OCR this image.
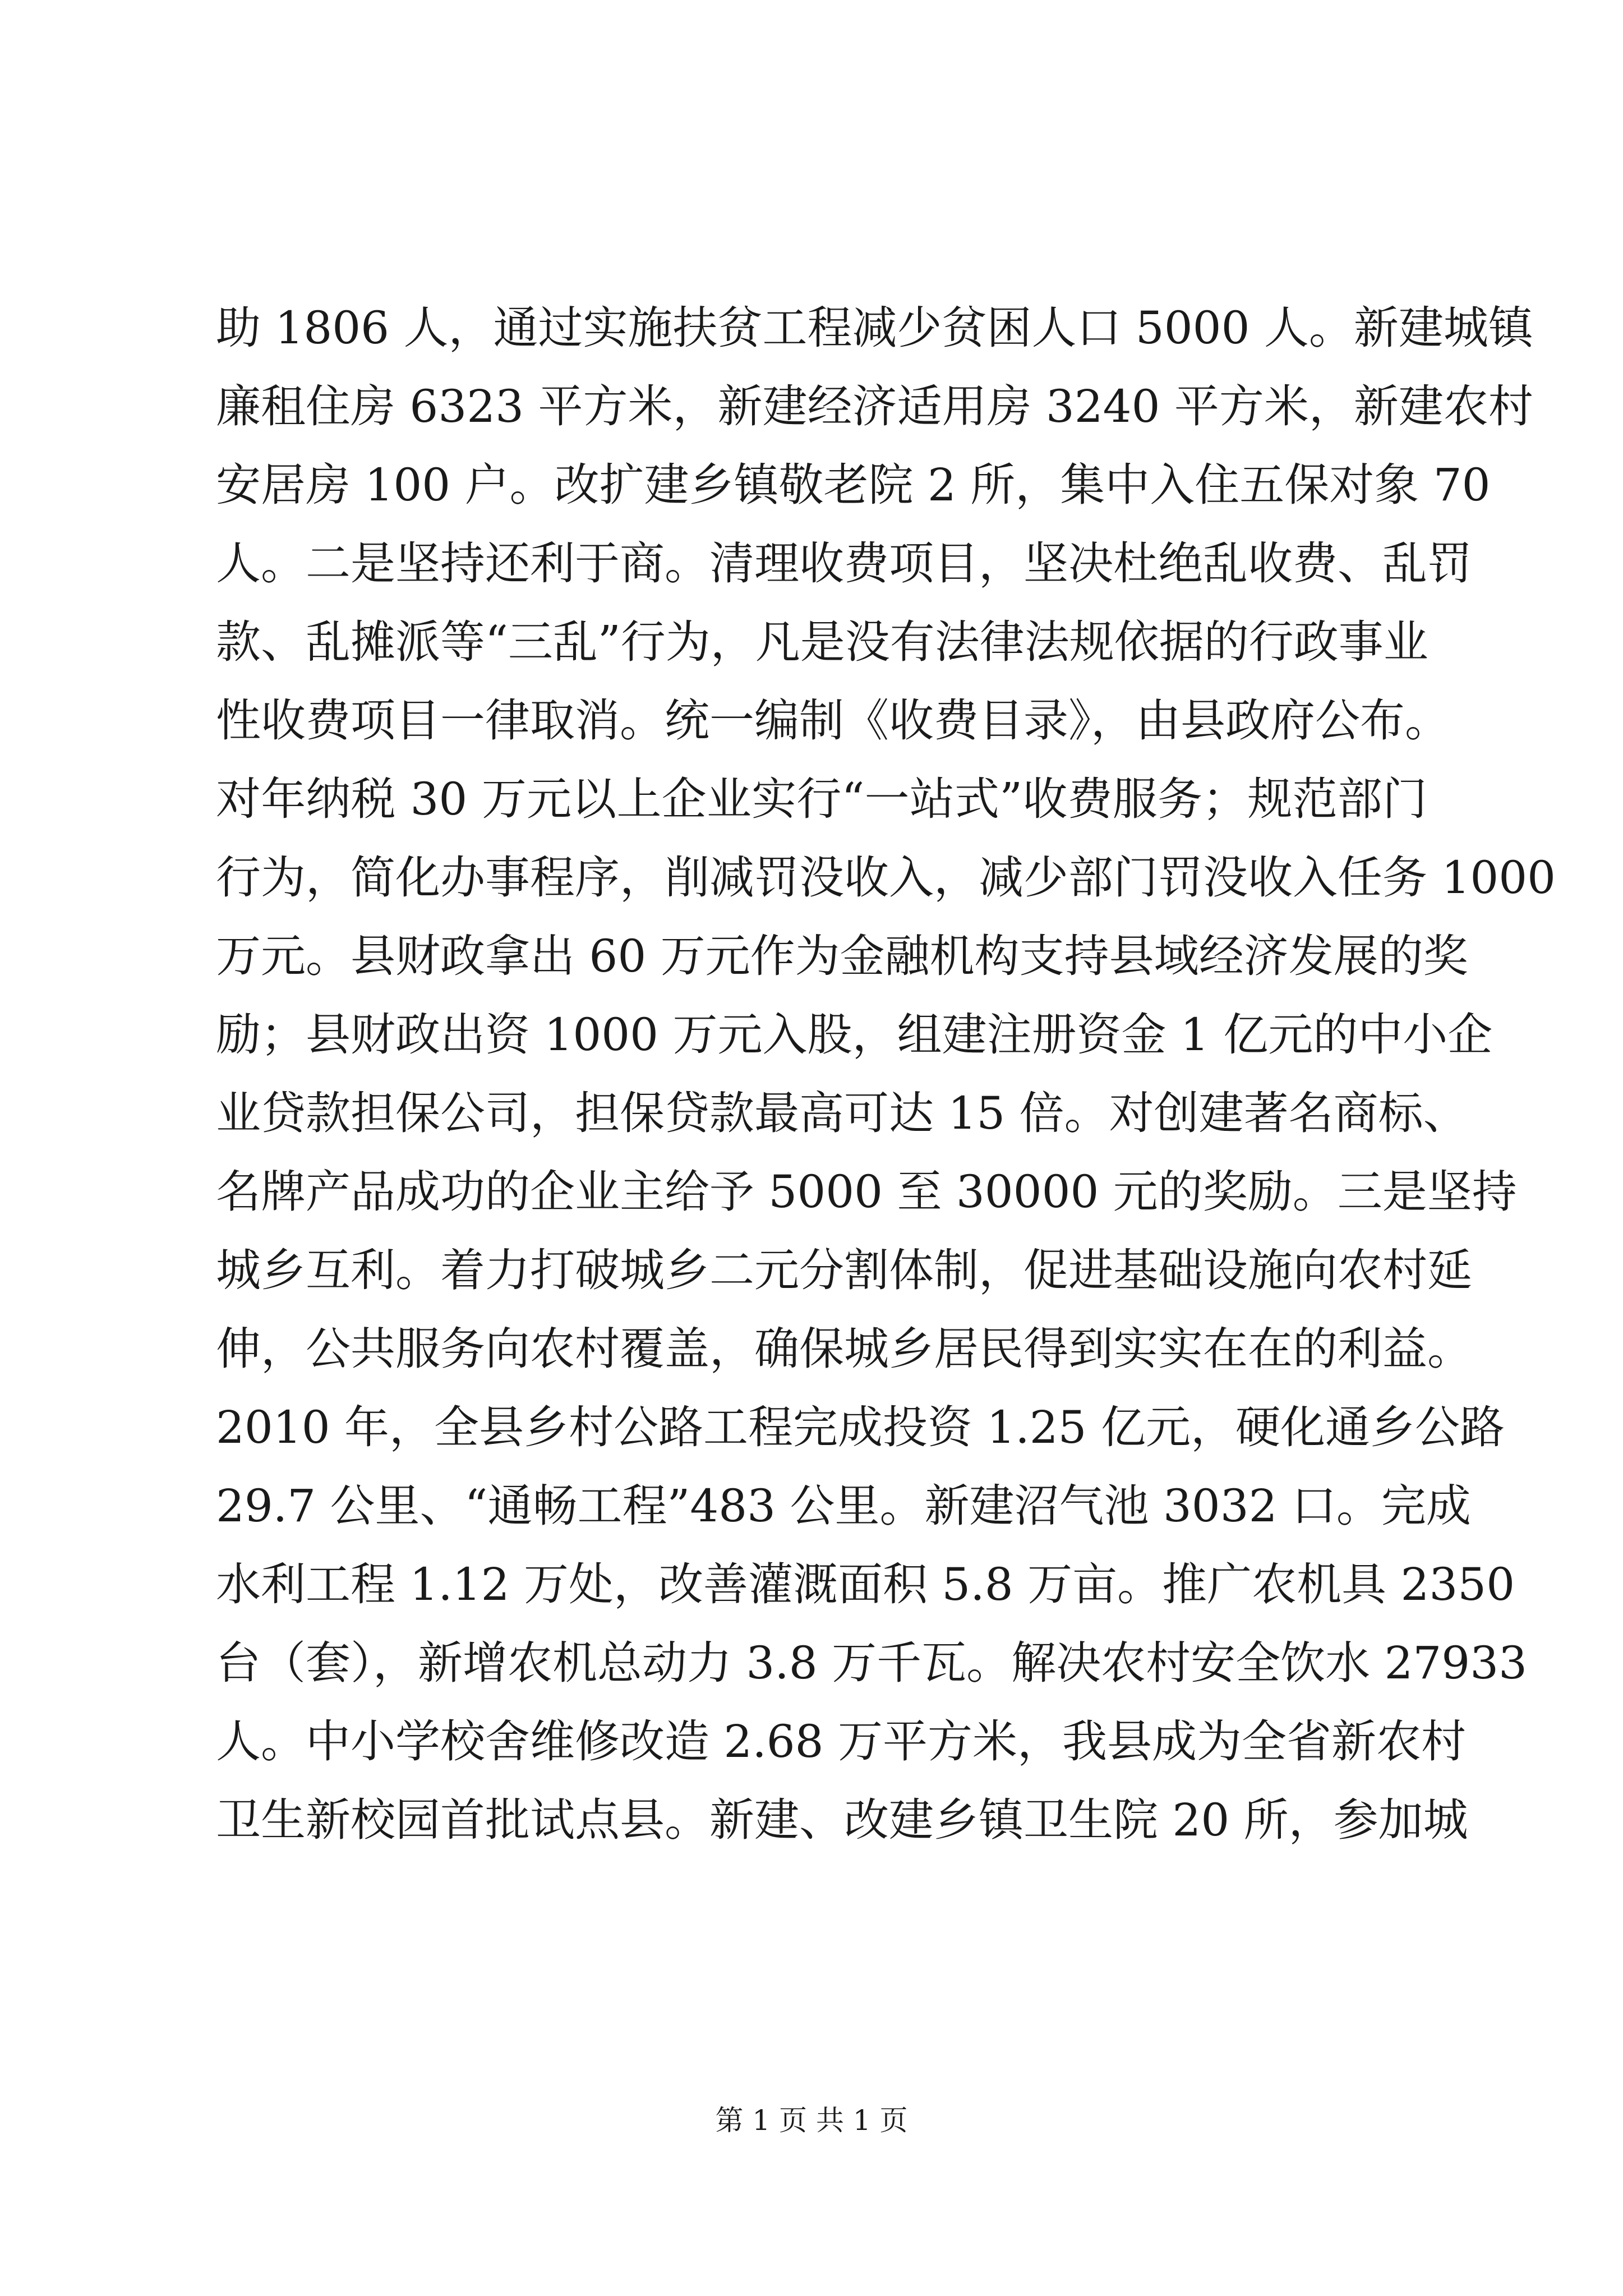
助 1806 人，通过实施扶贫工程减少贫困人口 5000 人。新建城镇
廉租住房 6323 平方米，新建经济适用房 3240 平方米，新建农村
安居房 100 户。改扩建乡镇敬老院 2 所，集中入住五保对象 70
人。二是坚持还利于商。清理收费项目，坚决杜绝乱收费、乱罚
款、乱摊派等“三乱”行为，凡是没有法律法规依据的行政事业
性收费项目一律取消。统一编制《收费目录》，由县政府公布。
对年纳税 30 万元以上企业实行“一站式”收费服务；规范部门
行为，简化办事程序，削减罚没收入，减少部门罚没收入任务 1000
万元。县财政拿出 60 万元作为金融机构支持县域经济发展的奖
励；县财政出资 1000 万元入股，组建注册资金 1 亿元的中小企
业贷款担保公司，担保贷款最高可达 15 倍。对创建著名商标、
名牌产品成功的企业主给予 5000 至 30000 元的奖励。三是坚持
城乡互利。着力打破城乡二元分割体制，促进基础设施向农村延
伸，公共服务向农村覆盖，确保城乡居民得到实实在在的利益。
2010 年，全县乡村公路工程完成投资 1.25 亿元，硬化通乡公路
29.7 公里、“通畅工程”483 公里。新建沼气池 3032 口。完成
水利工程 1.12 万处，改善灌溉面积 5.8 万亩。推广农机具 2350
台（套），新增农机总动力 3.8 万千瓦。解决农村安全饮水 27933
人。中小学校舍维修改造 2.68 万平方米，我县成为全省新农村
卫生新校园首批试点县。新建、改建乡镇卫生院 20 所，参加城
第 1 页 共 1 页
